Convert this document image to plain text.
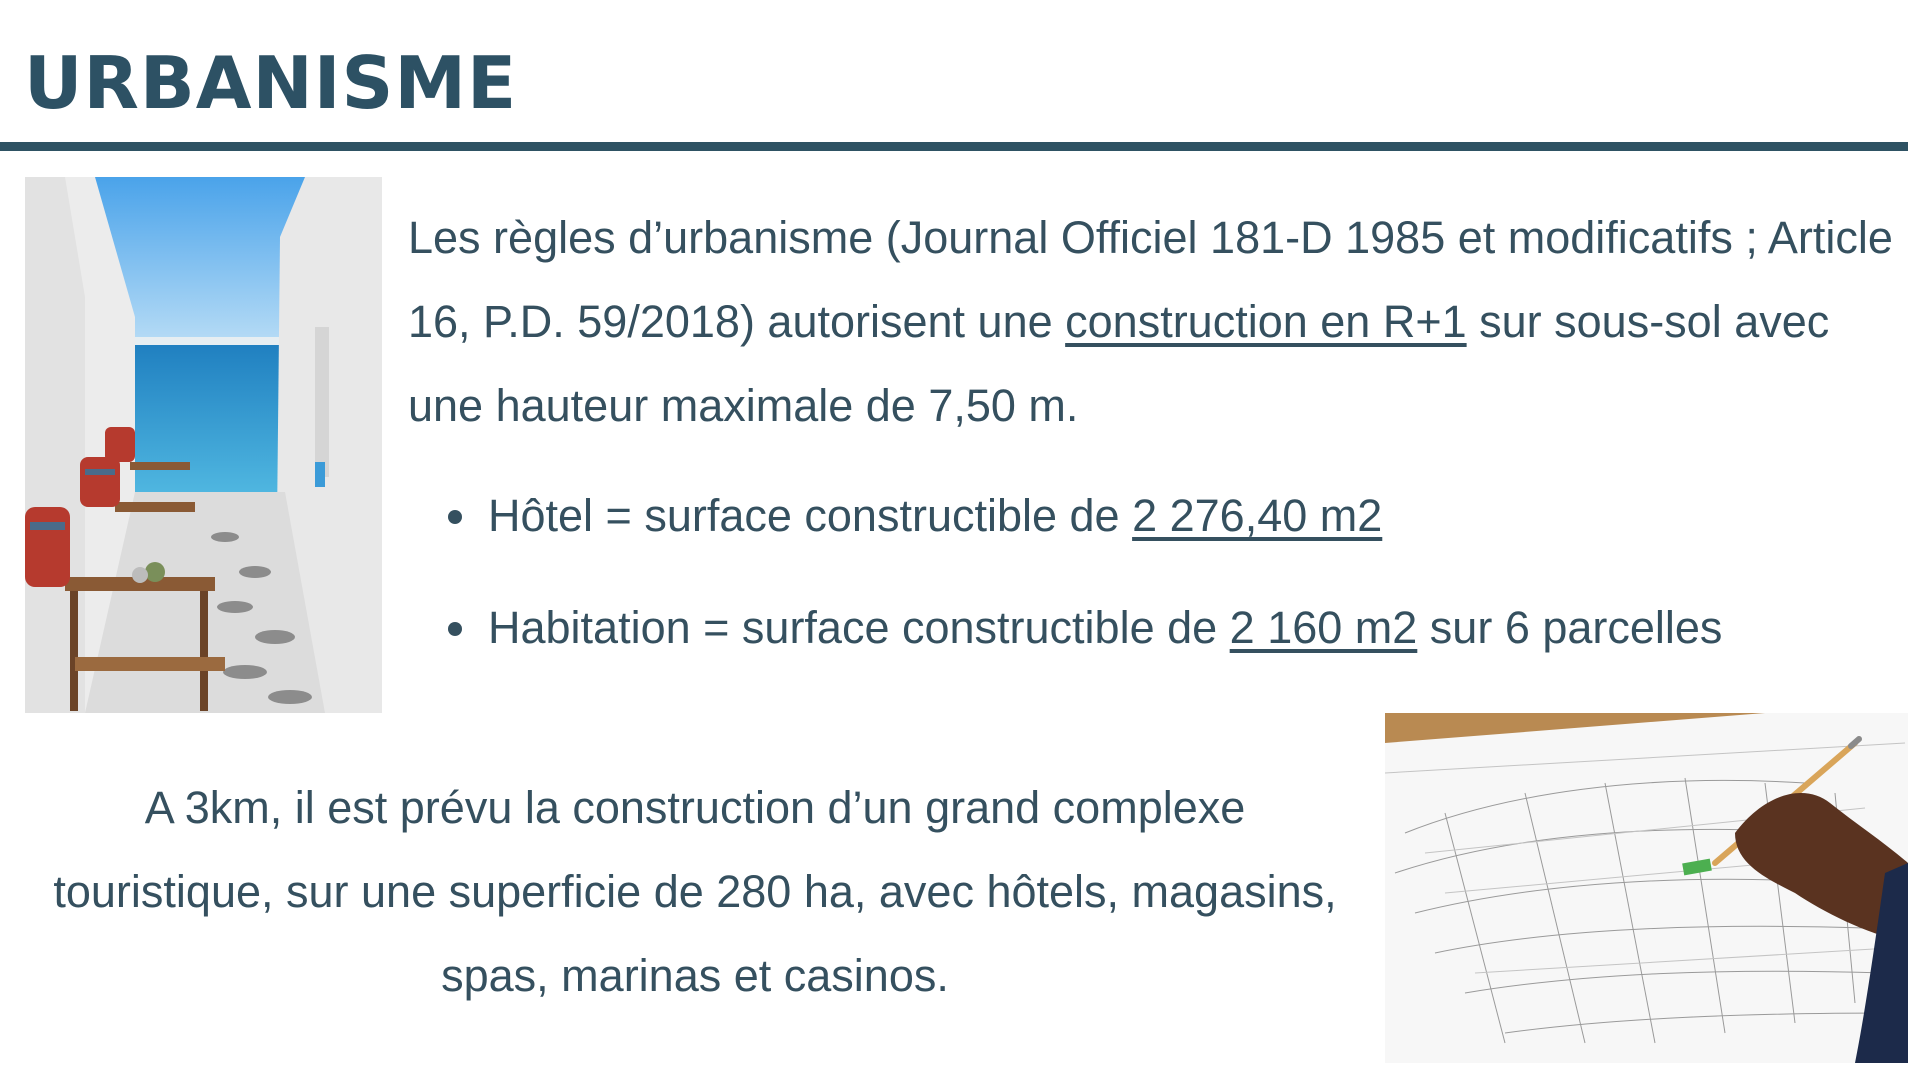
URBANISME

Les règles d’urbanisme (Journal Officiel 181-D 1985 et modificatifs ; Article 16, P.D. 59/2018) autorisent une construction en R+1 sur sous-sol avec une hauteur maximale de 7,50 m.

Hôtel = surface constructible de 2 276,40 m2
Habitation = surface constructible de 2 160 m2 sur 6 parcelles

A 3km, il est prévu la construction d’un grand complexe touristique, sur une superficie de 280 ha, avec hôtels, magasins, spas, marinas et casinos.
